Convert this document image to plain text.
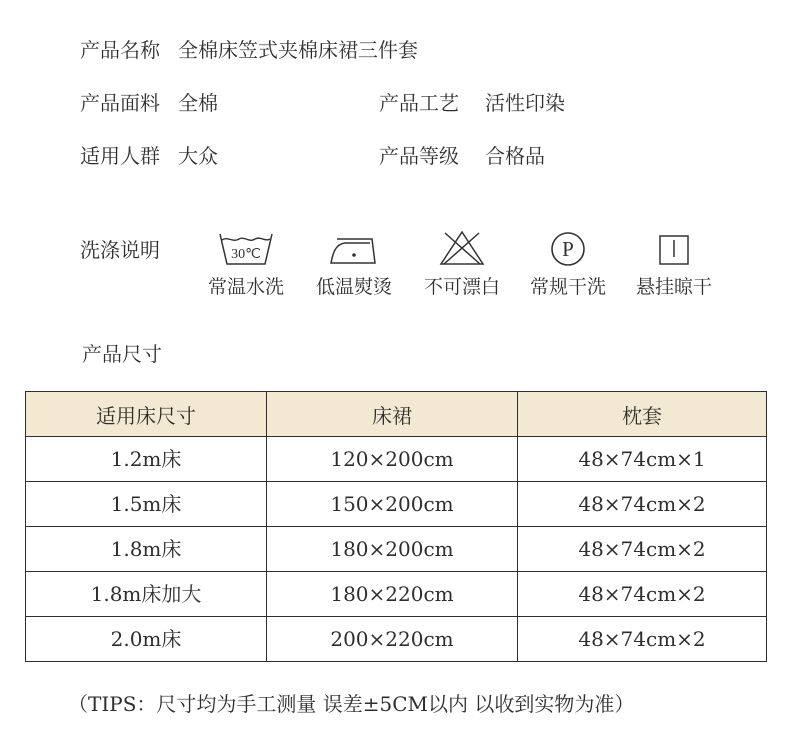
产品名称 全棉床笠式夹棉床裙三件套
产品面料 全棉	产品工艺 活性印染
适用人群 大众	产品等级 合格品
洗涤说明	30℃
常温水洗	低温熨烫	不可漂白
P
常规干洗	悬挂晾干
产品尺寸
适用床尺寸	床裙	枕套
1.2m床	120×200cm	48×74cm×1
1.5m床	150×200cm	48×74cm×2
1.8m床	180×200cm	48×74cm×2
1.8m床加大	180×220cm	48×74cm×2
2.0m床	200×220cm	48×74cm×2
（TIPS：尺寸均为手工测量 误差±5CM以内 以收到实物为准）
